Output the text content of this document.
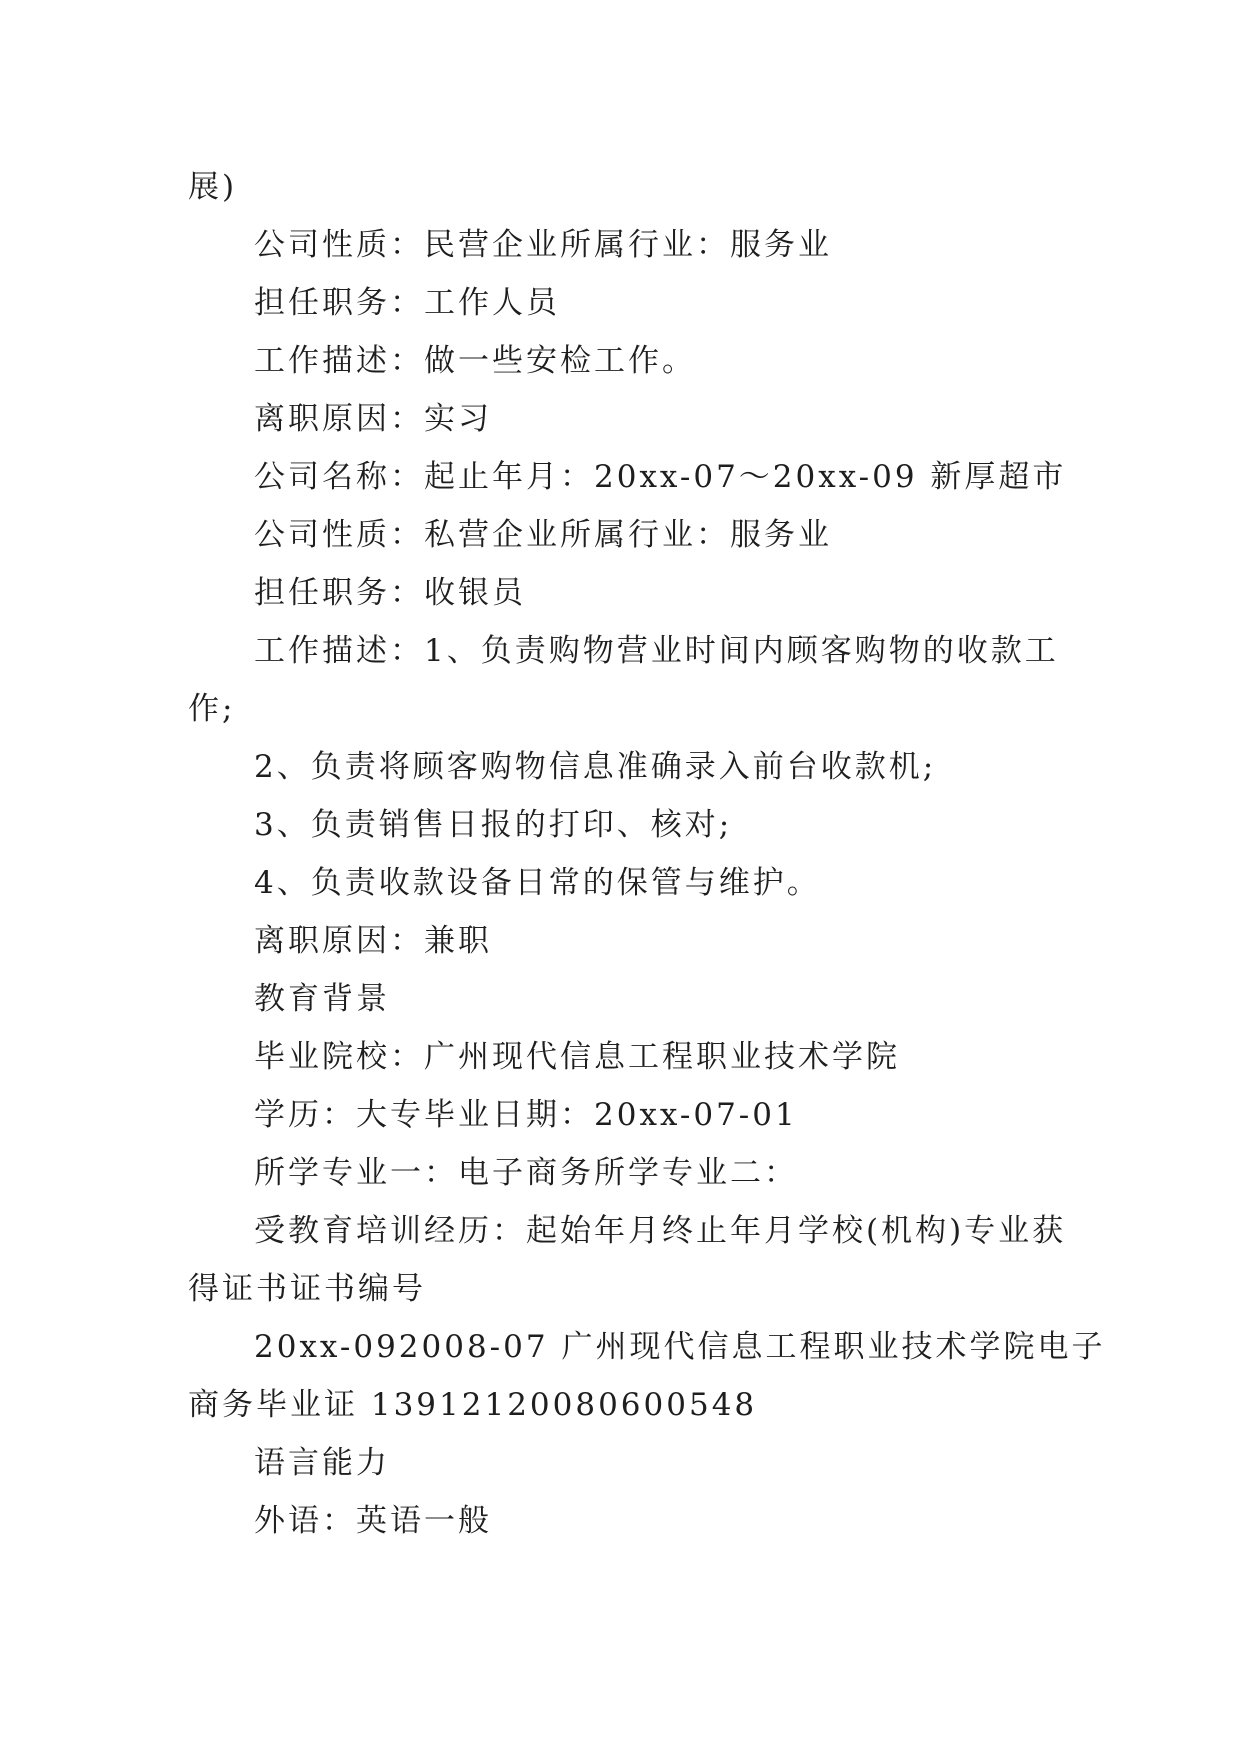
展)
公司性质：民营企业所属行业：服务业
担任职务：工作人员
工作描述：做一些安检工作。
离职原因：实习
公司名称：起止年月：20xx-07～20xx-09 新厚超市
公司性质：私营企业所属行业：服务业
担任职务：收银员
工作描述：1、负责购物营业时间内顾客购物的收款工
作;
2、负责将顾客购物信息准确录入前台收款机;
3、负责销售日报的打印、核对;
4、负责收款设备日常的保管与维护。
离职原因：兼职
教育背景
毕业院校：广州现代信息工程职业技术学院
学历：大专毕业日期：20xx-07-01
所学专业一：电子商务所学专业二：
受教育培训经历：起始年月终止年月学校(机构)专业获
得证书证书编号
20xx-092008-07 广州现代信息工程职业技术学院电子
商务毕业证 13912120080600548
语言能力
外语：英语一般
